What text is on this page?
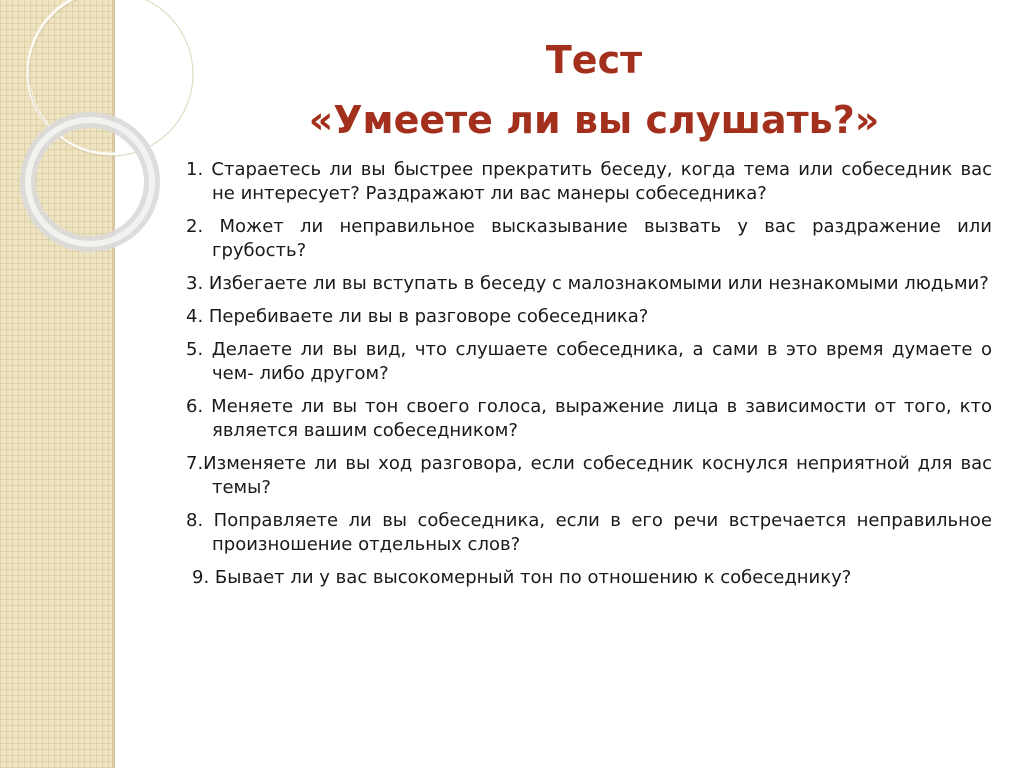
Тест
«Умеете ли вы слушать?»
1. Стараетесь ли вы быстрее прекратить беседу, когда тема или собеседник вас не интересует? Раздражают ли вас манеры собеседника?
2. Может ли неправильное высказывание вызвать у вас раздражение или грубость?
3. Избегаете ли вы вступать в беседу с малознакомыми или незнакомыми людьми?
4. Перебиваете ли вы в разговоре собеседника?
5. Делаете ли вы вид, что слушаете собеседника, а сами в это время думаете о чем- либо другом?
6. Меняете ли вы тон своего голоса, выражение лица в зависимости от того, кто является вашим собеседником?
7.Изменяете ли вы ход разговора, если собеседник коснулся неприятной для вас темы?
8. Поправляете ли вы собеседника, если в его речи встречается неправильное произношение отдельных слов?
9. Бывает ли у вас высокомерный тон по отношению к собеседнику?
